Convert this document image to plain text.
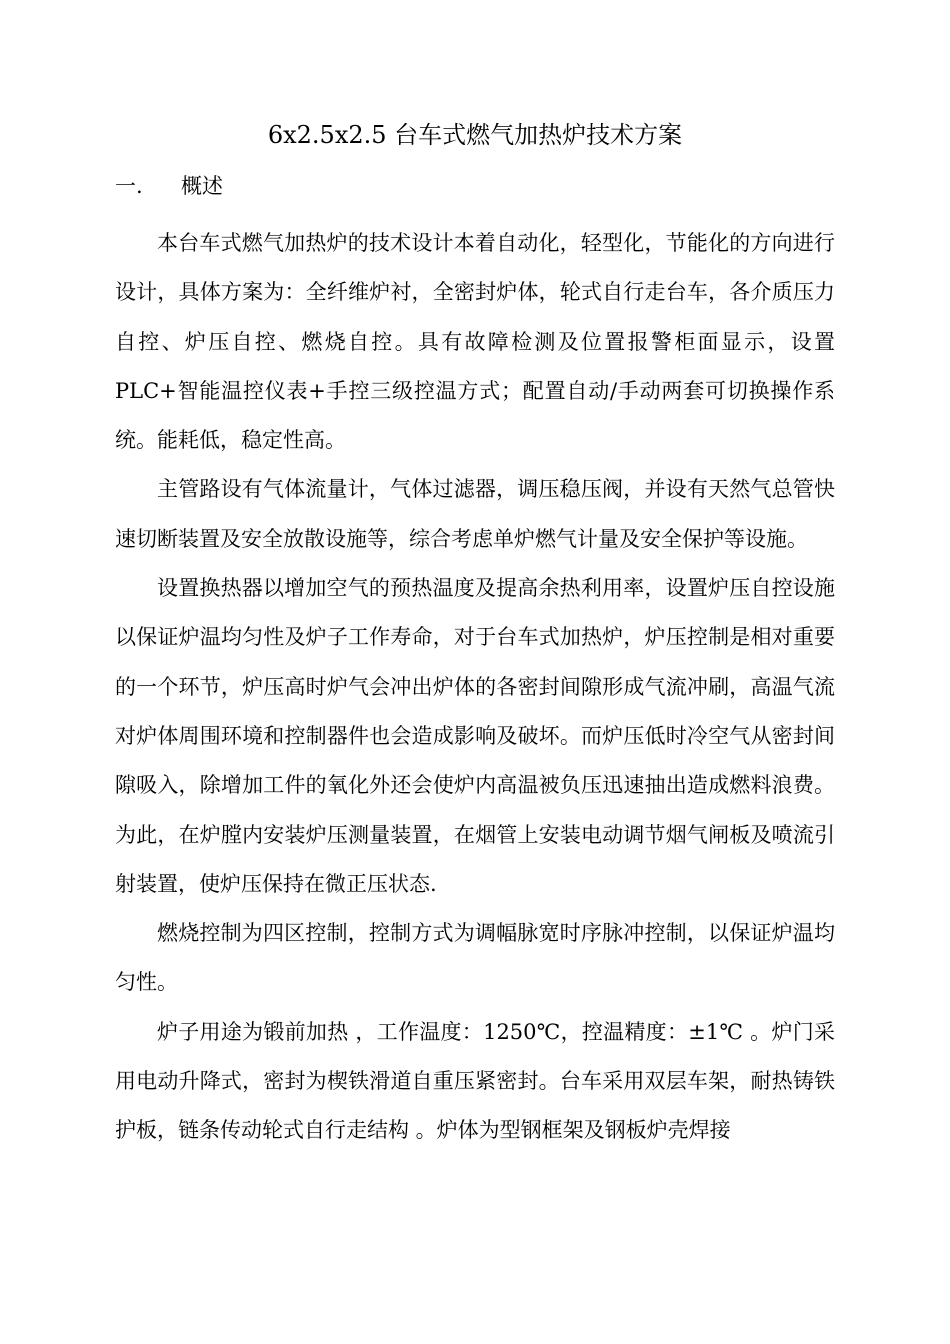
6x2.5x2.5 台车式燃气加热炉技术方案
一. 概述

本台车式燃气加热炉的技术设计本着自动化，轻型化，节能化的方向进行设计，具体方案为：全纤维炉衬，全密封炉体，轮式自行走台车，各介质压力自控、炉压自控、燃烧自控。具有故障检测及位置报警柜面显示，设置 PLC+智能温控仪表+手控三级控温方式；配置自动/手动两套可切换操作系统。能耗低，稳定性高。

主管路设有气体流量计，气体过滤器，调压稳压阀，并设有天然气总管快速切断装置及安全放散设施等，综合考虑单炉燃气计量及安全保护等设施。

设置换热器以增加空气的预热温度及提高余热利用率，设置炉压自控设施以保证炉温均匀性及炉子工作寿命，对于台车式加热炉，炉压控制是相对重要的一个环节，炉压高时炉气会冲出炉体的各密封间隙形成气流冲刷，高温气流对炉体周围环境和控制器件也会造成影响及破坏。而炉压低时冷空气从密封间隙吸入，除增加工件的氧化外还会使炉内高温被负压迅速抽出造成燃料浪费。为此，在炉膛内安装炉压测量装置，在烟管上安装电动调节烟气闸板及喷流引射装置，使炉压保持在微正压状态.

燃烧控制为四区控制，控制方式为调幅脉宽时序脉冲控制，以保证炉温均匀性。

炉子用途为锻前加热 ，工作温度：1250℃，控温精度：±1℃ 。炉门采用电动升降式，密封为楔铁滑道自重压紧密封。台车采用双层车架，耐热铸铁护板，链条传动轮式自行走结构 。炉体为型钢框架及钢板炉壳焊接
